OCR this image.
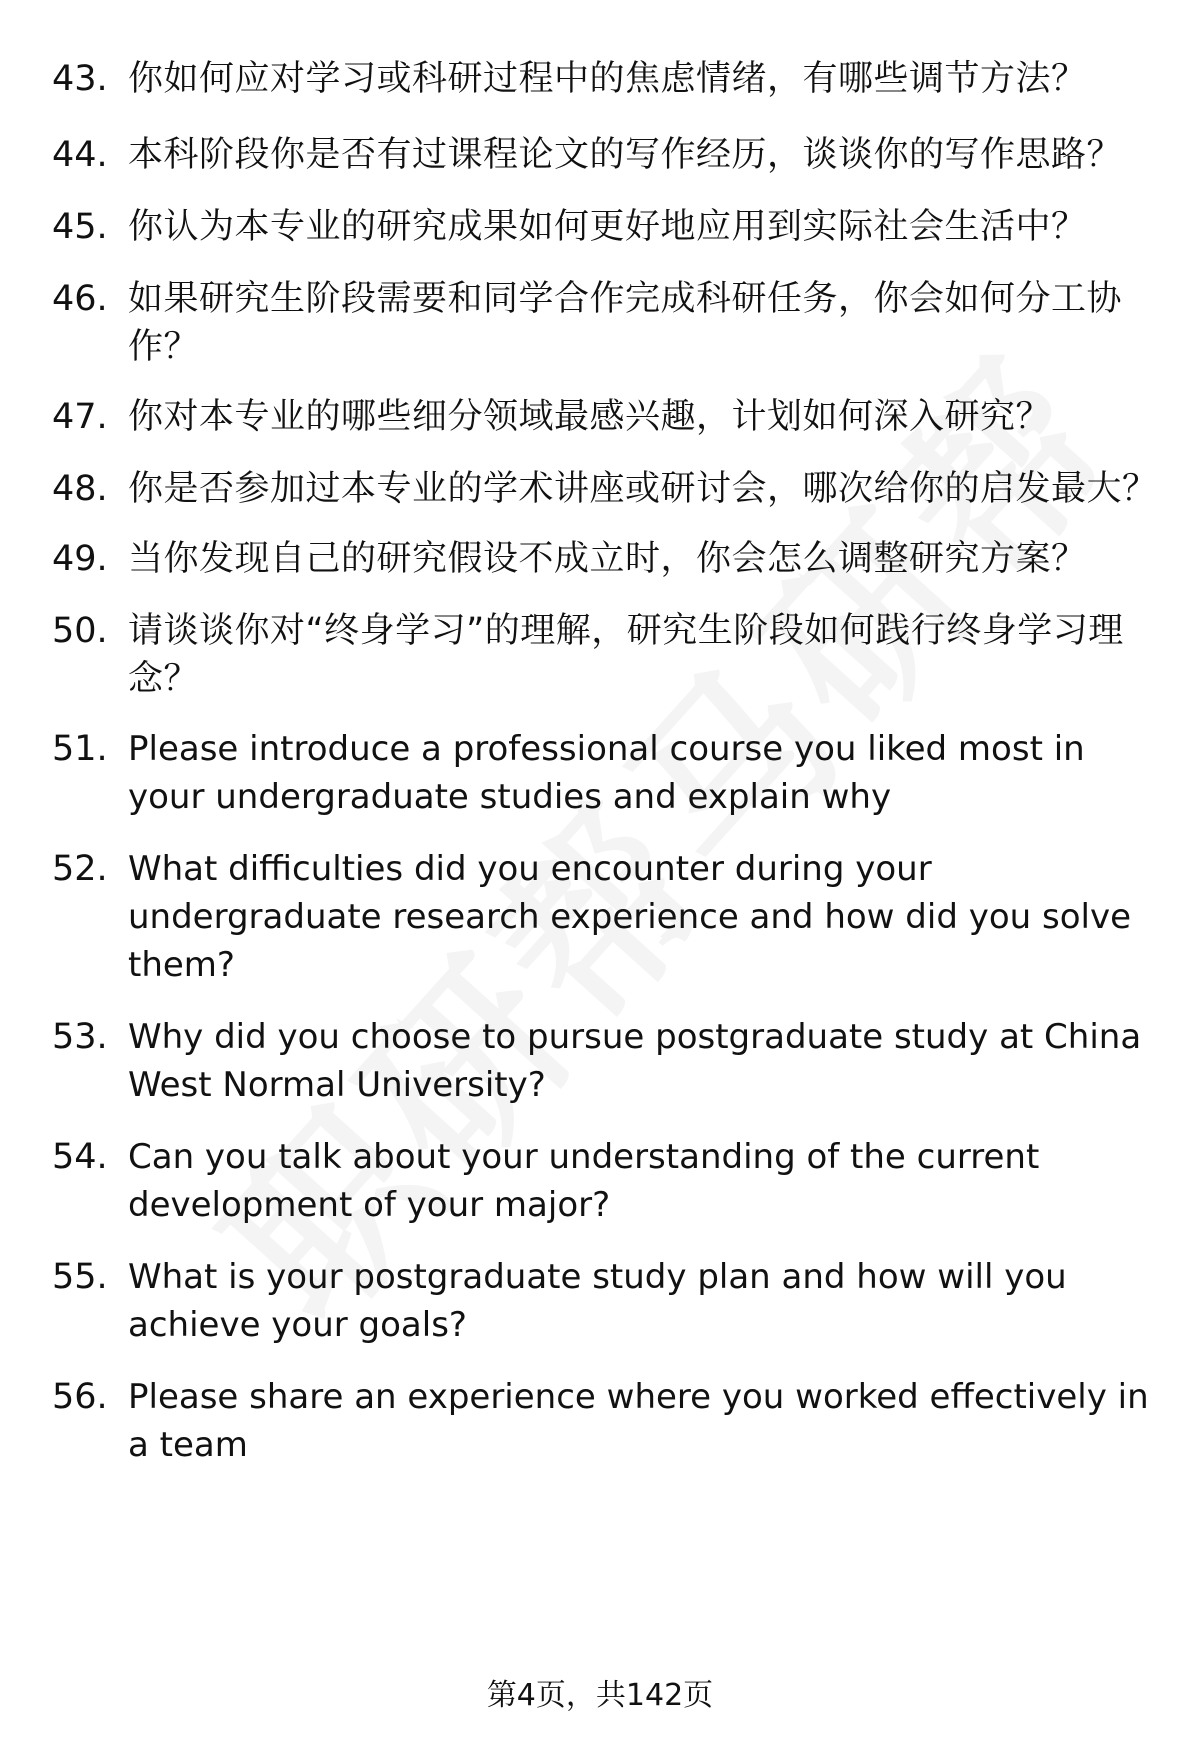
43. 你如何应对学习或科研过程中的焦虑情绪，有哪些调节方法？
44. 本科阶段你是否有过课程论文的写作经历，谈谈你的写作思路？
45. 你认为本专业的研究成果如何更好地应用到实际社会生活中？
46. 如果研究生阶段需要和同学合作完成科研任务，你会如何分工协作？
47. 你对本专业的哪些细分领域最感兴趣，计划如何深入研究？
48. 你是否参加过本专业的学术讲座或研讨会，哪次给你的启发最大？
49. 当你发现自己的研究假设不成立时，你会怎么调整研究方案？
50. 请谈谈你对“终身学习”的理解，研究生阶段如何践行终身学习理念？
51. Please introduce a professional course you liked most in your undergraduate studies and explain why
52. What difficulties did you encounter during your undergraduate research experience and how did you solve them?
53. Why did you choose to pursue postgraduate study at China West Normal University?
54. Can you talk about your understanding of the current development of your major?
55. What is your postgraduate study plan and how will you achieve your goals?
56. Please share an experience where you worked effectively in a team
第4页，共142页
